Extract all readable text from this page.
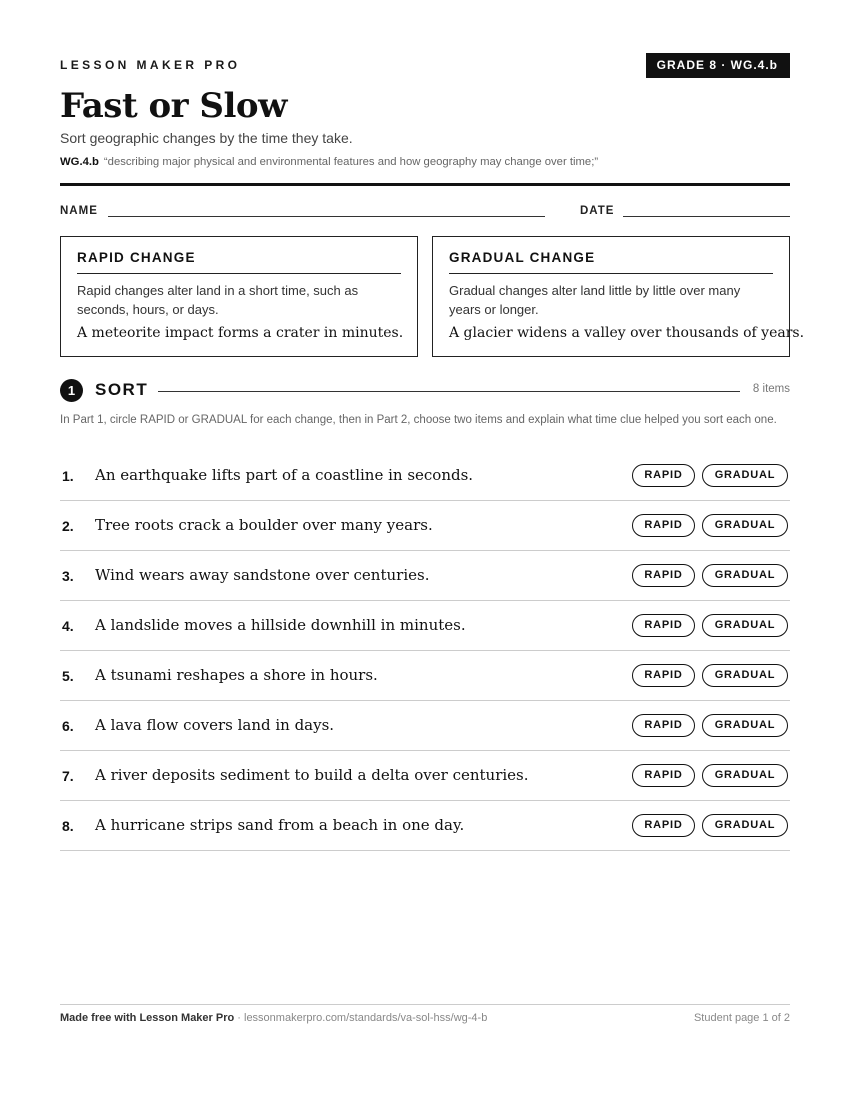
LESSON MAKER PRO	GRADE 8 · WG.4.b
Fast or Slow
Sort geographic changes by the time they take.
WG.4.b “describing major physical and environmental features and how geography may change over time;”
NAME	DATE
RAPID CHANGE
Rapid changes alter land in a short time, such as seconds, hours, or days.
A meteorite impact forms a crater in minutes.
GRADUAL CHANGE
Gradual changes alter land little by little over many years or longer.
A glacier widens a valley over thousands of years.
1	SORT	8 items
In Part 1, circle RAPID or GRADUAL for each change, then in Part 2, choose two items and explain what time clue helped you sort each one.
1. An earthquake lifts part of a coastline in seconds.	RAPID	GRADUAL
2. Tree roots crack a boulder over many years.	RAPID	GRADUAL
3. Wind wears away sandstone over centuries.	RAPID	GRADUAL
4. A landslide moves a hillside downhill in minutes.	RAPID	GRADUAL
5. A tsunami reshapes a shore in hours.	RAPID	GRADUAL
6. A lava flow covers land in days.	RAPID	GRADUAL
7. A river deposits sediment to build a delta over centuries.	RAPID	GRADUAL
8. A hurricane strips sand from a beach in one day.	RAPID	GRADUAL
Made free with Lesson Maker Pro · lessonmakerpro.com/standards/va-sol-hss/wg-4-b	Student page 1 of 2
